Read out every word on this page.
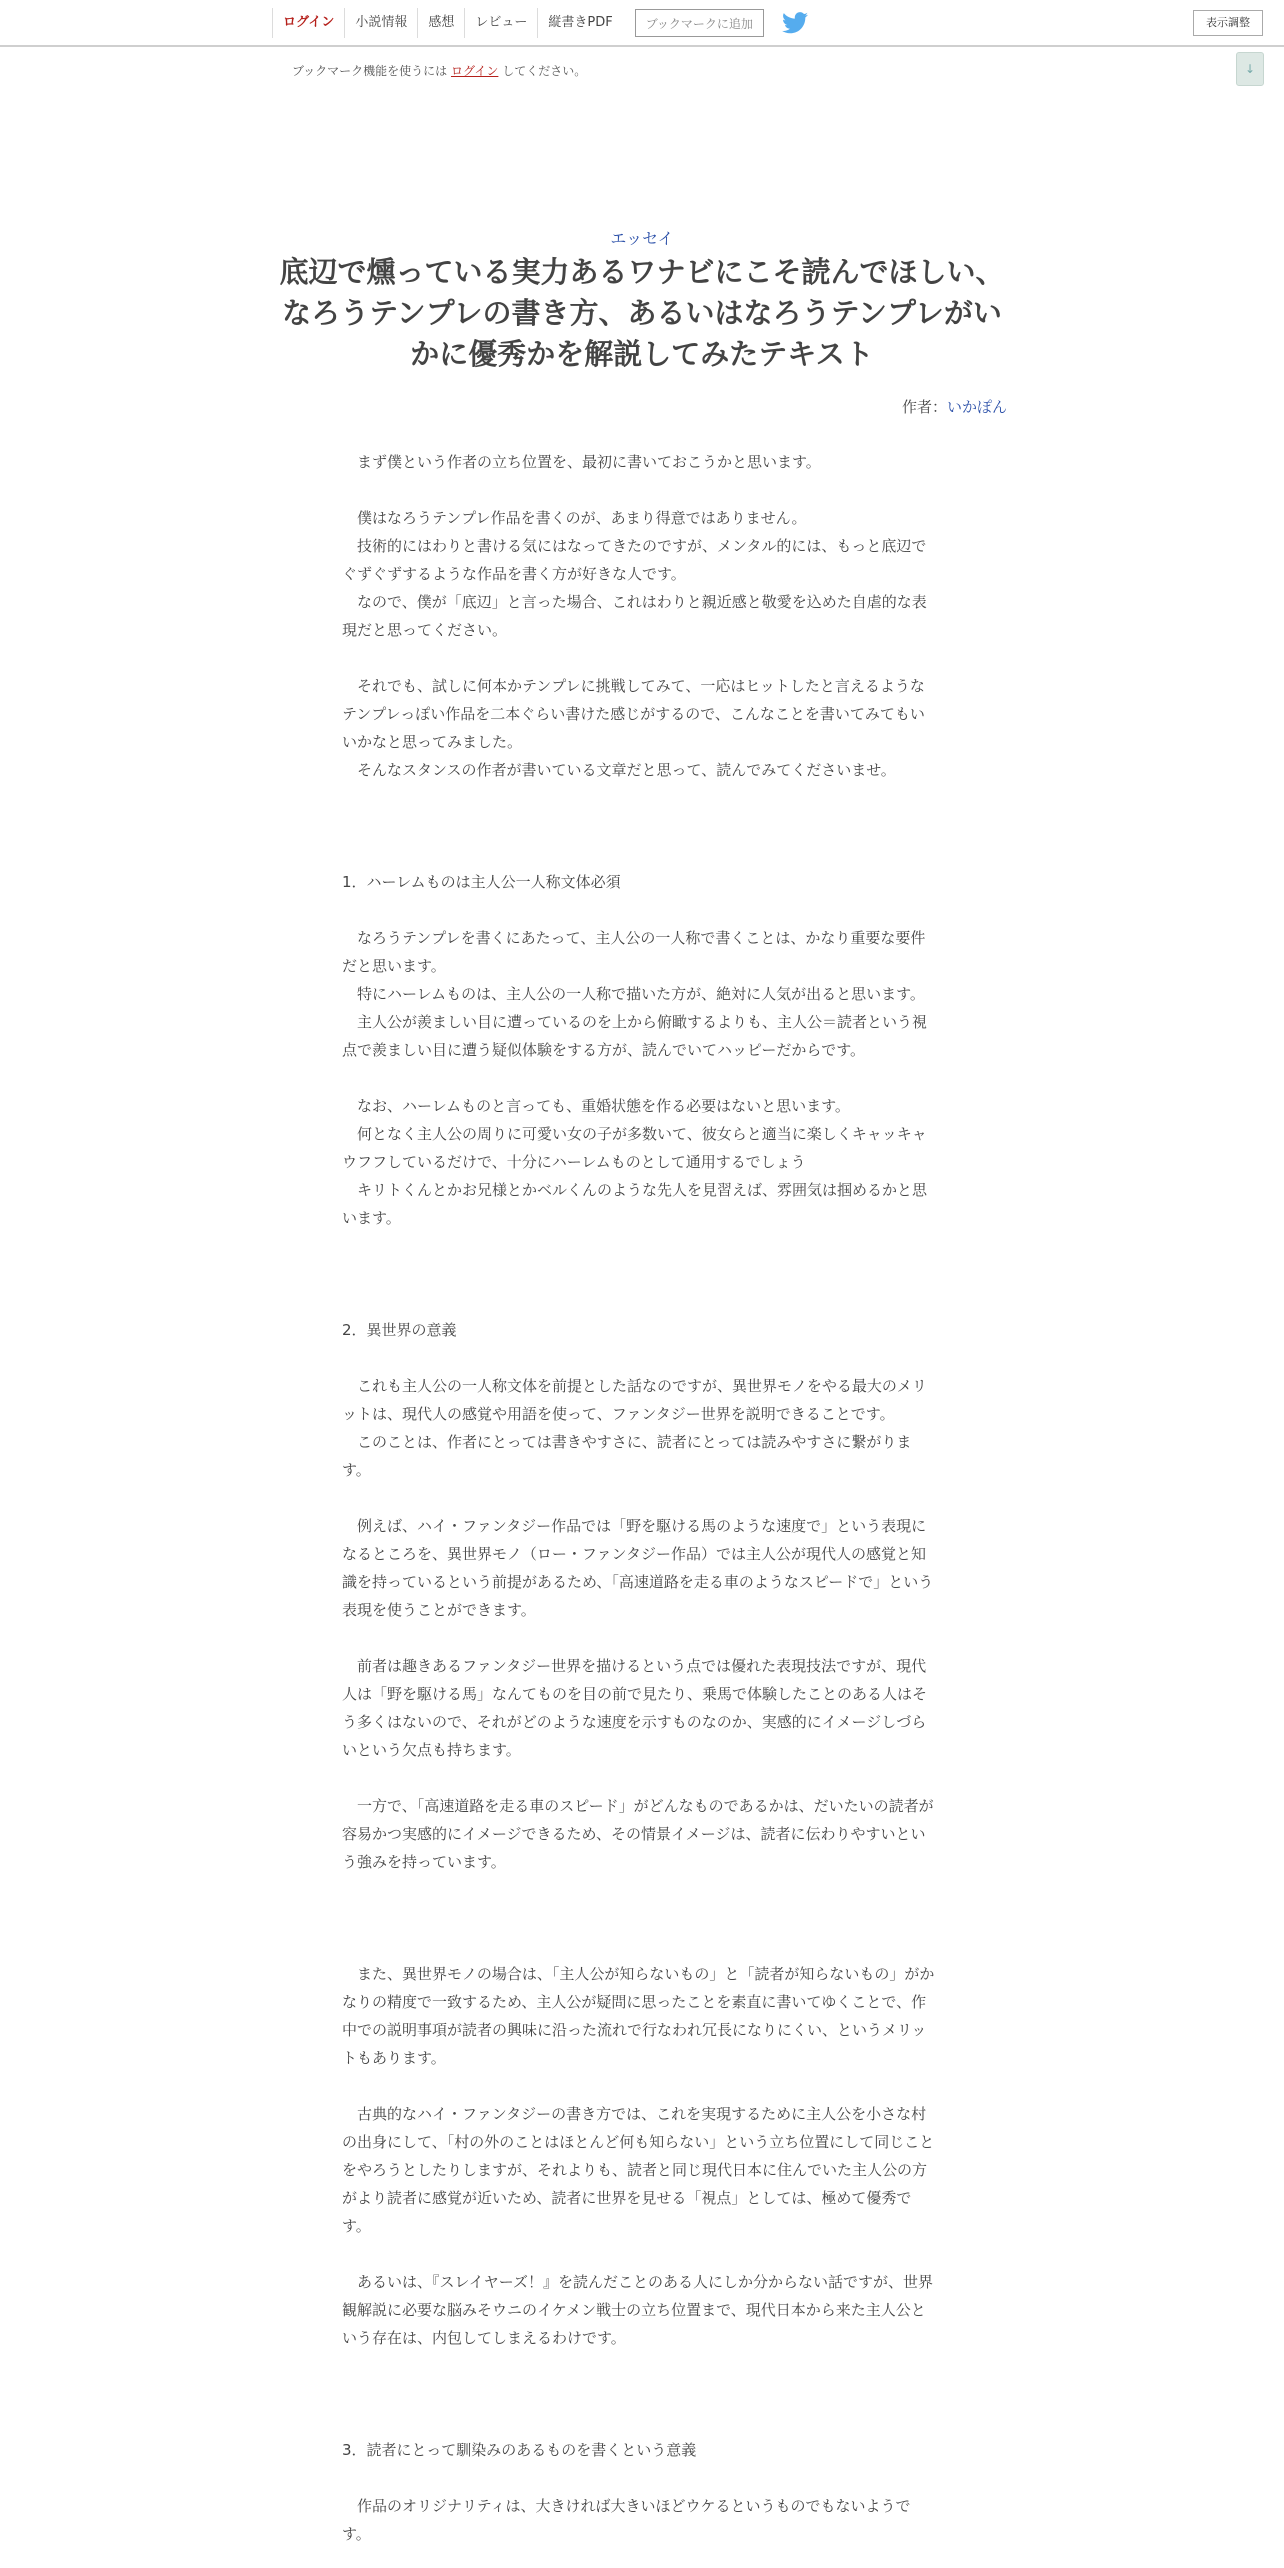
ログイン	小説情報	感想	レビュー	縦書きPDF	ブックマークに追加	表示調整
ブックマーク機能を使うには ログイン してください。	↓
エッセイ
底辺で燻っている実力あるワナビにこそ読んでほしい、なろうテンプレの書き方、あるいはなろうテンプレがいかに優秀かを解説してみたテキスト
作者：いかぽん

　まず僕という作者の立ち位置を、最初に書いておこうかと思います。

　僕はなろうテンプレ作品を書くのが、あまり得意ではありません。

　技術的にはわりと書ける気にはなってきたのですが、メンタル的には、もっと底辺でぐずぐずするような作品を書く方が好きな人です。

　なので、僕が「底辺」と言った場合、これはわりと親近感と敬愛を込めた自虐的な表現だと思ってください。

　それでも、試しに何本かテンプレに挑戦してみて、一応はヒットしたと言えるようなテンプレっぽい作品を二本ぐらい書けた感じがするので、こんなことを書いてみてもいいかなと思ってみました。

　そんなスタンスの作者が書いている文章だと思って、読んでみてくださいませ。

1．ハーレムものは主人公一人称文体必須

　なろうテンプレを書くにあたって、主人公の一人称で書くことは、かなり重要な要件だと思います。

　特にハーレムものは、主人公の一人称で描いた方が、絶対に人気が出ると思います。

　主人公が羨ましい目に遭っているのを上から俯瞰するよりも、主人公＝読者という視点で羨ましい目に遭う疑似体験をする方が、読んでいてハッピーだからです。

　なお、ハーレムものと言っても、重婚状態を作る必要はないと思います。

　何となく主人公の周りに可愛い女の子が多数いて、彼女らと適当に楽しくキャッキャウフフしているだけで、十分にハーレムものとして通用するでしょう

　キリトくんとかお兄様とかベルくんのような先人を見習えば、雰囲気は掴めるかと思います。

2．異世界の意義

　これも主人公の一人称文体を前提とした話なのですが、異世界モノをやる最大のメリットは、現代人の感覚や用語を使って、ファンタジー世界を説明できることです。

　このことは、作者にとっては書きやすさに、読者にとっては読みやすさに繋がります。

　例えば、ハイ・ファンタジー作品では「野を駆ける馬のような速度で」という表現になるところを、異世界モノ（ロー・ファンタジー作品）では主人公が現代人の感覚と知識を持っているという前提があるため、「高速道路を走る車のようなスピードで」という表現を使うことができます。

　前者は趣きあるファンタジー世界を描けるという点では優れた表現技法ですが、現代人は「野を駆ける馬」なんてものを目の前で見たり、乗馬で体験したことのある人はそう多くはないので、それがどのような速度を示すものなのか、実感的にイメージしづらいという欠点も持ちます。

　一方で、「高速道路を走る車のスピード」がどんなものであるかは、だいたいの読者が容易かつ実感的にイメージできるため、その情景イメージは、読者に伝わりやすいという強みを持っています。

　また、異世界モノの場合は、「主人公が知らないもの」と「読者が知らないもの」がかなりの精度で一致するため、主人公が疑問に思ったことを素直に書いてゆくことで、作中での説明事項が読者の興味に沿った流れで行なわれ冗長になりにくい、というメリットもあります。

　古典的なハイ・ファンタジーの書き方では、これを実現するために主人公を小さな村の出身にして、「村の外のことはほとんど何も知らない」という立ち位置にして同じことをやろうとしたりしますが、それよりも、読者と同じ現代日本に住んでいた主人公の方がより読者に感覚が近いため、読者に世界を見せる「視点」としては、極めて優秀です。

　あるいは、『スレイヤーズ！』を読んだことのある人にしか分からない話ですが、世界観解説に必要な脳みそウニのイケメン戦士の立ち位置まで、現代日本から来た主人公という存在は、内包してしまえるわけです。

3．読者にとって馴染みのあるものを書くという意義

　作品のオリジナリティは、大きければ大きいほどウケるというものでもないようです。
